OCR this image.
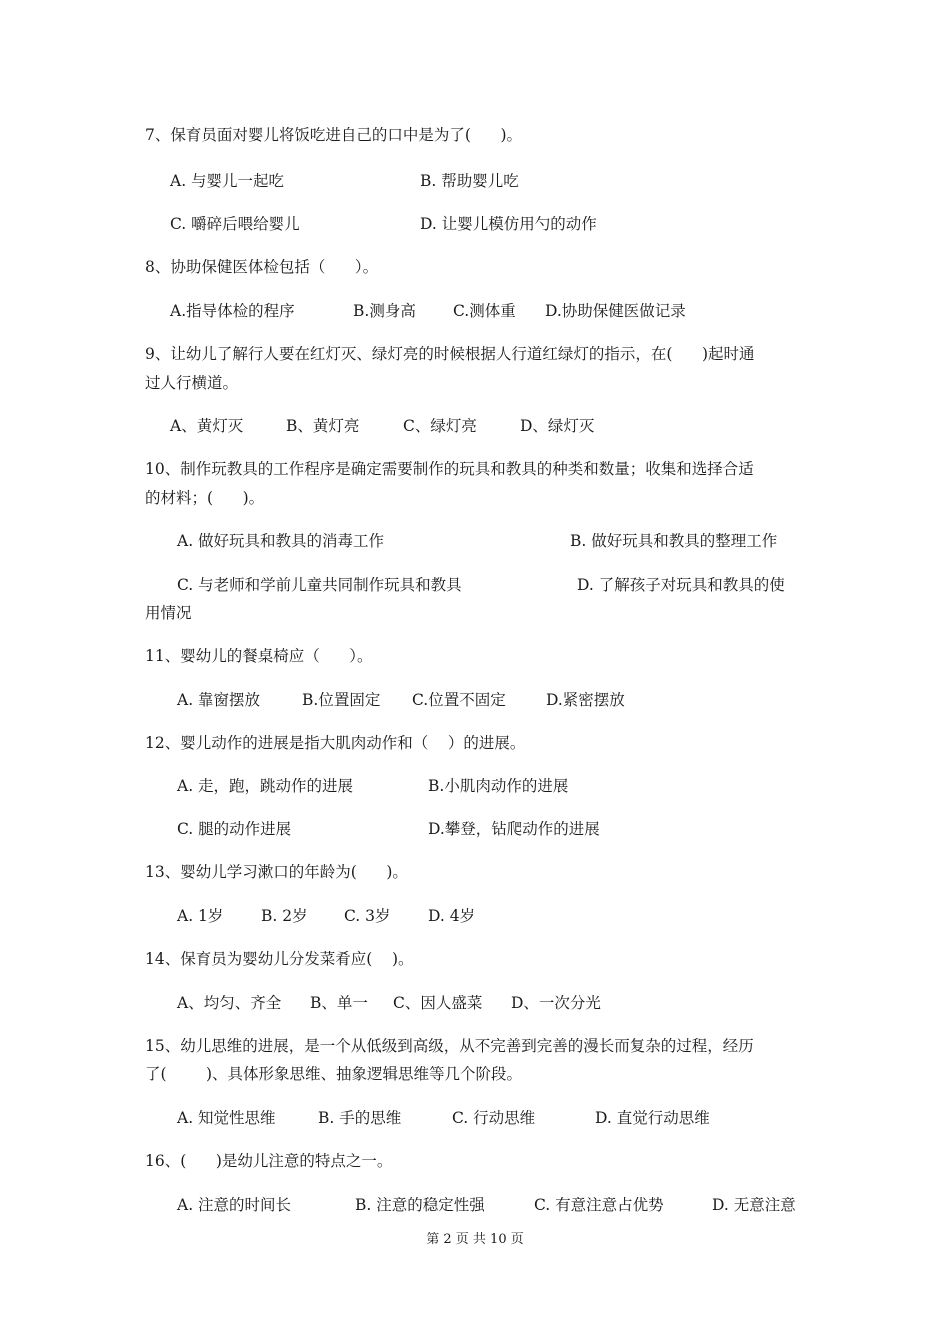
7、保育员面对婴儿将饭吃进自己的口中是为了(      )。
A. 与婴儿一起吃	B. 帮助婴儿吃
C. 嚼碎后喂给婴儿	D. 让婴儿模仿用勺的动作
8、协助保健医体检包括（      ）。
A.指导体检的程序	B.测身高 C.测体重 D.协助保健医做记录
9、让幼儿了解行人要在红灯灭、绿灯亮的时候根据人行道红绿灯的指示，在(      )起时通
过人行横道。
A、黄灯灭	B、黄灯亮	C、绿灯亮	D、绿灯灭
10、制作玩教具的工作程序是确定需要制作的玩具和教具的种类和数量；收集和选择合适
的材料；(      )。
A. 做好玩具和教具的消毒工作	B. 做好玩具和教具的整理工作
C. 与老师和学前儿童共同制作玩具和教具	D. 了解孩子对玩具和教具的使
用情况
11、婴幼儿的餐桌椅应（      ）。
A. 靠窗摆放	B.位置固定 C.位置不固定	D.紧密摆放
12、婴儿动作的进展是指大肌肉动作和（    ）的进展。
A. 走，跑，跳动作的进展	B.小肌肉动作的进展
C. 腿的动作进展	D.攀登，钻爬动作的进展
13、婴幼儿学习漱口的年龄为(      )。
A. 1岁 B. 2岁 C. 3岁 D. 4岁
14、保育员为婴幼儿分发菜肴应(    )。
A、均匀、齐全 B、单一 C、因人盛菜 D、一次分光
15、幼儿思维的进展，是一个从低级到高级，从不完善到完善的漫长而复杂的过程，经历
了(        )、具体形象思维、抽象逻辑思维等几个阶段。
A. 知觉性思维	B. 手的思维	C. 行动思维	D. 直觉行动思维
16、(      )是幼儿注意的特点之一。
A. 注意的时间长	B. 注意的稳定性强	C. 有意注意占优势	D. 无意注意
第 2 页 共 10 页
